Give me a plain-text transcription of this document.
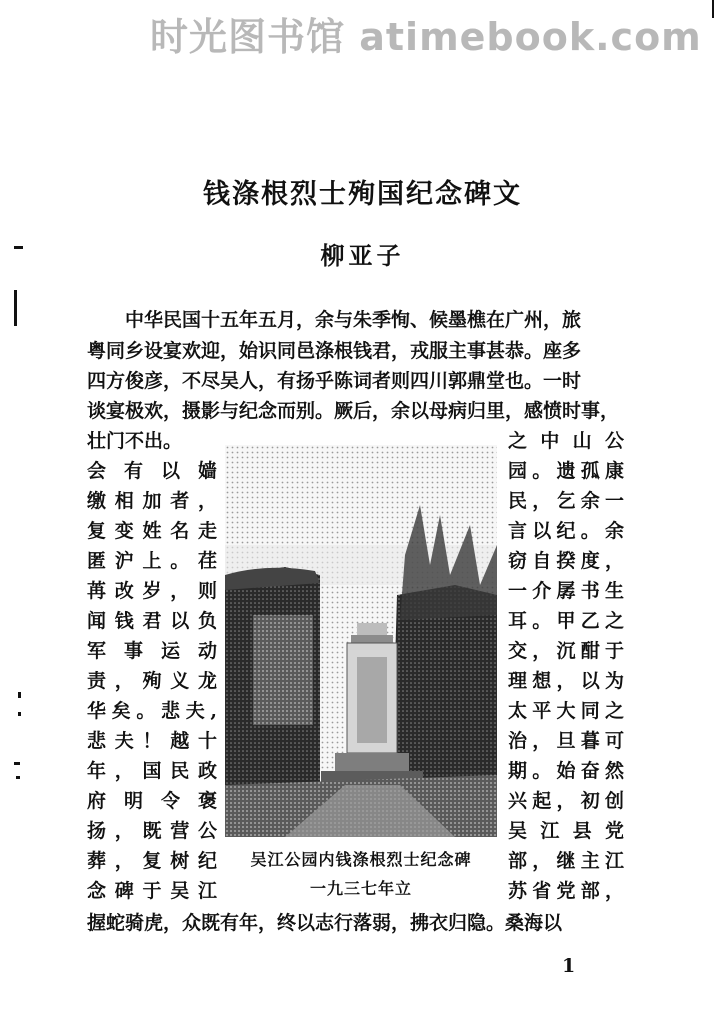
时光图书馆 atimebook.com
钱涤根烈士殉国纪念碑文
柳亚子
　　中华民国十五年五月，余与朱季恂、候墨樵在广州，旅
粤同乡设宴欢迎，始识同邑涤根钱君，戎服主事甚恭。座多
四方俊彦，不尽吴人，有扬乎陈词者则四川郭鼎堂也。一时
谈宴极欢，摄影与纪念而别。厥后，余以母病归里，感愤时事，
壮门不出。
会有以嫱
缴相加者，
复变姓名走
匿沪上。荏
苒改岁，则
闻钱君以负
军事运动
责，殉义龙
华矣。悲夫,
悲夫！越十
年，国民政
府明令褒
扬，既营公
葬，复树纪
念碑于吴江
之中山公
园。遗孤康
民，乞余一
言以纪。余
窃自揆度，
一介孱书生
耳。甲乙之
交，沉酣于
理想，以为
太平大同之
治，旦暮可
期。始奋然
兴起，初创
吴江县党
部，继主江
苏省党部，
吴江公园内钱涤根烈士纪念碑
一九三七年立
握蛇骑虎，众既有年，终以志行落弱，拂衣归隐。桑海以
1
